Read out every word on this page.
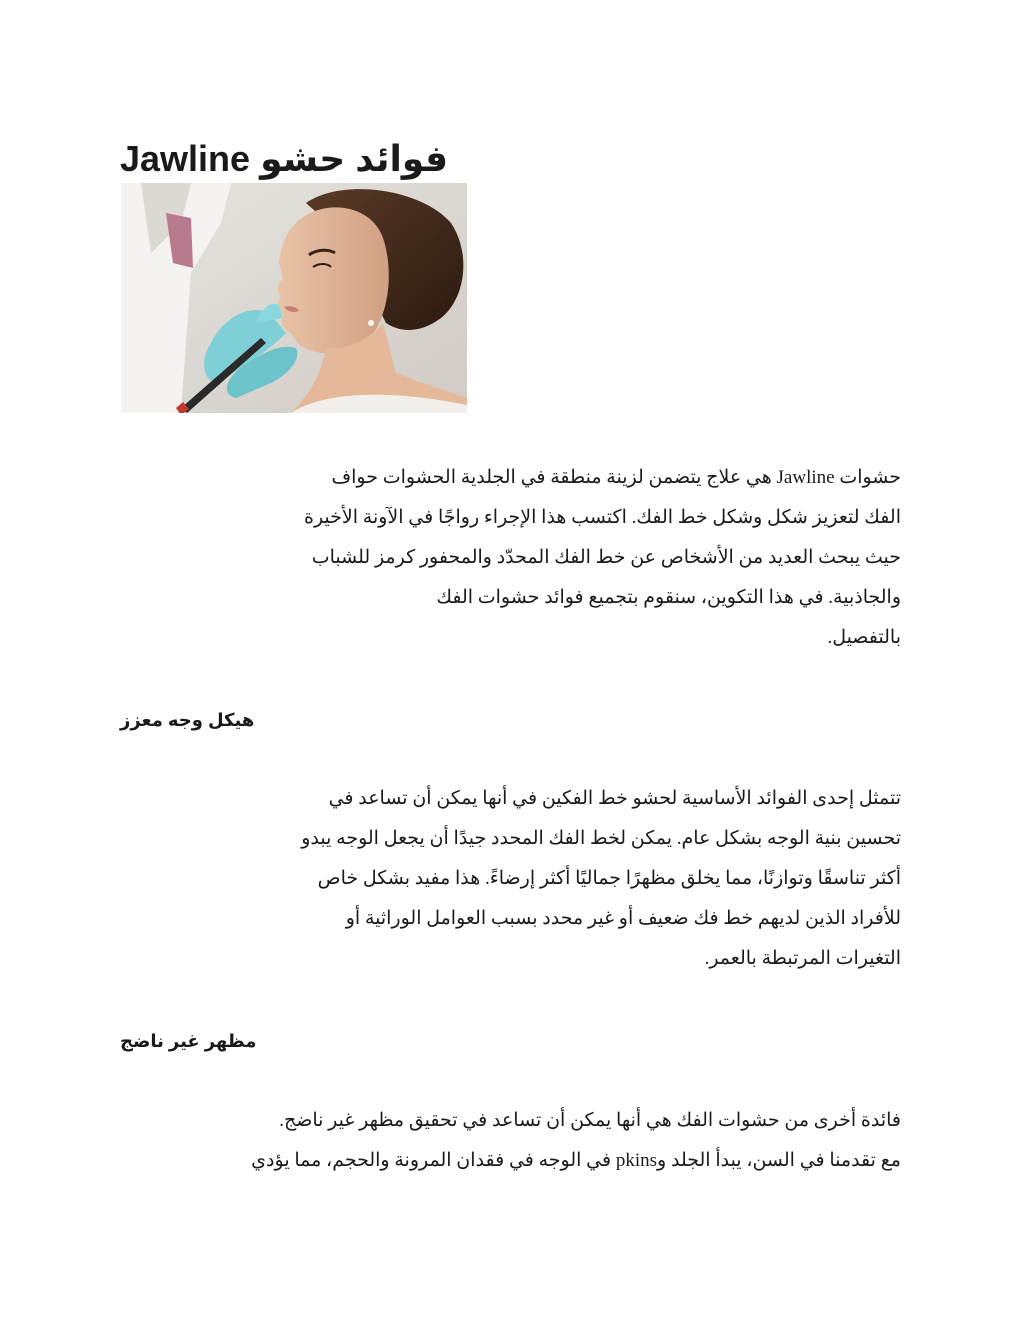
فوائد حشو Jawline
حشوات Jawline هي علاج يتضمن لزينة منطقة في الجلدية الحشوات حواف
الفك لتعزيز شكل وشكل خط الفك. اكتسب هذا الإجراء رواجًا في الآونة الأخيرة
حيث يبحث العديد من الأشخاص عن خط الفك المحدّد والمحفور كرمز للشباب
والجاذبية. في هذا التكوين، سنقوم بتجميع فوائد حشوات الفك
بالتفصيل.
هيكل وجه معزز
تتمثل إحدى الفوائد الأساسية لحشو خط الفكين في أنها يمكن أن تساعد في
تحسين بنية الوجه بشكل عام. يمكن لخط الفك المحدد جيدًا أن يجعل الوجه يبدو
أكثر تناسقًا وتوازنًا، مما يخلق مظهرًا جماليًا أكثر إرضاءً. هذا مفيد بشكل خاص
للأفراد الذين لديهم خط فك ضعيف أو غير محدد بسبب العوامل الوراثية أو
التغيرات المرتبطة بالعمر.
مظهر غير ناضج
فائدة أخرى من حشوات الفك هي أنها يمكن أن تساعد في تحقيق مظهر غير ناضج.
مع تقدمنا في السن، يبدأ الجلد وpkins في الوجه في فقدان المرونة والحجم، مما يؤدي
